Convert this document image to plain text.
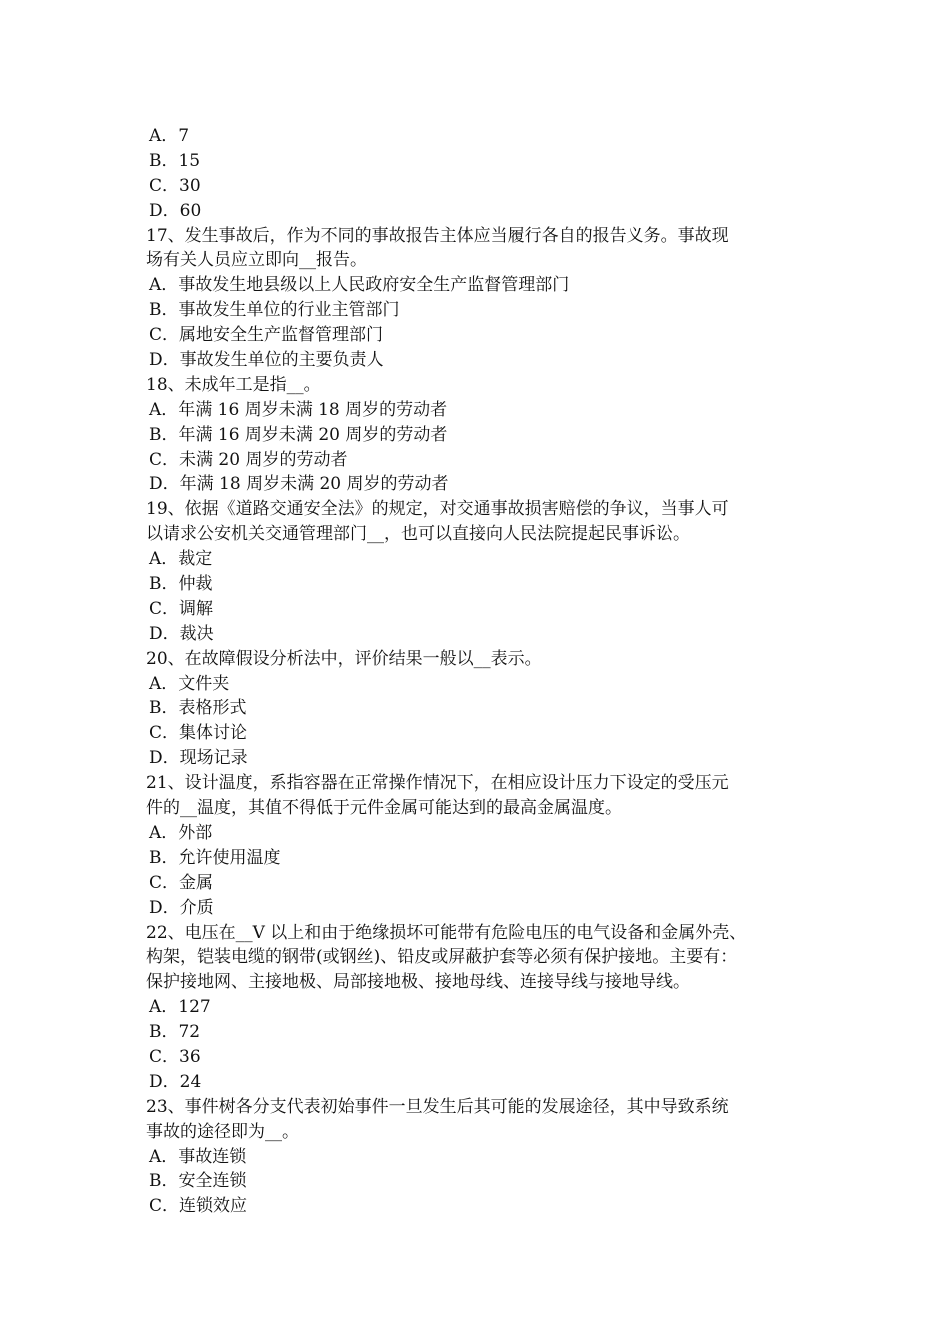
A．7
B．15
C．30
D．60
17、发生事故后，作为不同的事故报告主体应当履行各自的报告义务。事故现
场有关人员应立即向__报告。
A．事故发生地县级以上人民政府安全生产监督管理部门
B．事故发生单位的行业主管部门
C．属地安全生产监督管理部门
D．事故发生单位的主要负责人
18、未成年工是指__。
A．年满 16 周岁未满 18 周岁的劳动者
B．年满 16 周岁未满 20 周岁的劳动者
C．未满 20 周岁的劳动者
D．年满 18 周岁未满 20 周岁的劳动者
19、依据《道路交通安全法》的规定，对交通事故损害赔偿的争议，当事人可
以请求公安机关交通管理部门__，也可以直接向人民法院提起民事诉讼。
A．裁定
B．仲裁
C．调解
D．裁决
20、在故障假设分析法中，评价结果一般以__表示。
A．文件夹
B．表格形式
C．集体讨论
D．现场记录
21、设计温度，系指容器在正常操作情况下，在相应设计压力下设定的受压元
件的__温度，其值不得低于元件金属可能达到的最高金属温度。
A．外部
B．允许使用温度
C．金属
D．介质
22、电压在__V 以上和由于绝缘损坏可能带有危险电压的电气设备和金属外壳、
构架，铠装电缆的钢带(或钢丝)、铅皮或屏蔽护套等必须有保护接地。主要有：
保护接地网、主接地极、局部接地极、接地母线、连接导线与接地导线。
A．127
B．72
C．36
D．24
23、事件树各分支代表初始事件一旦发生后其可能的发展途径，其中导致系统
事故的途径即为__。
A．事故连锁
B．安全连锁
C．连锁效应
